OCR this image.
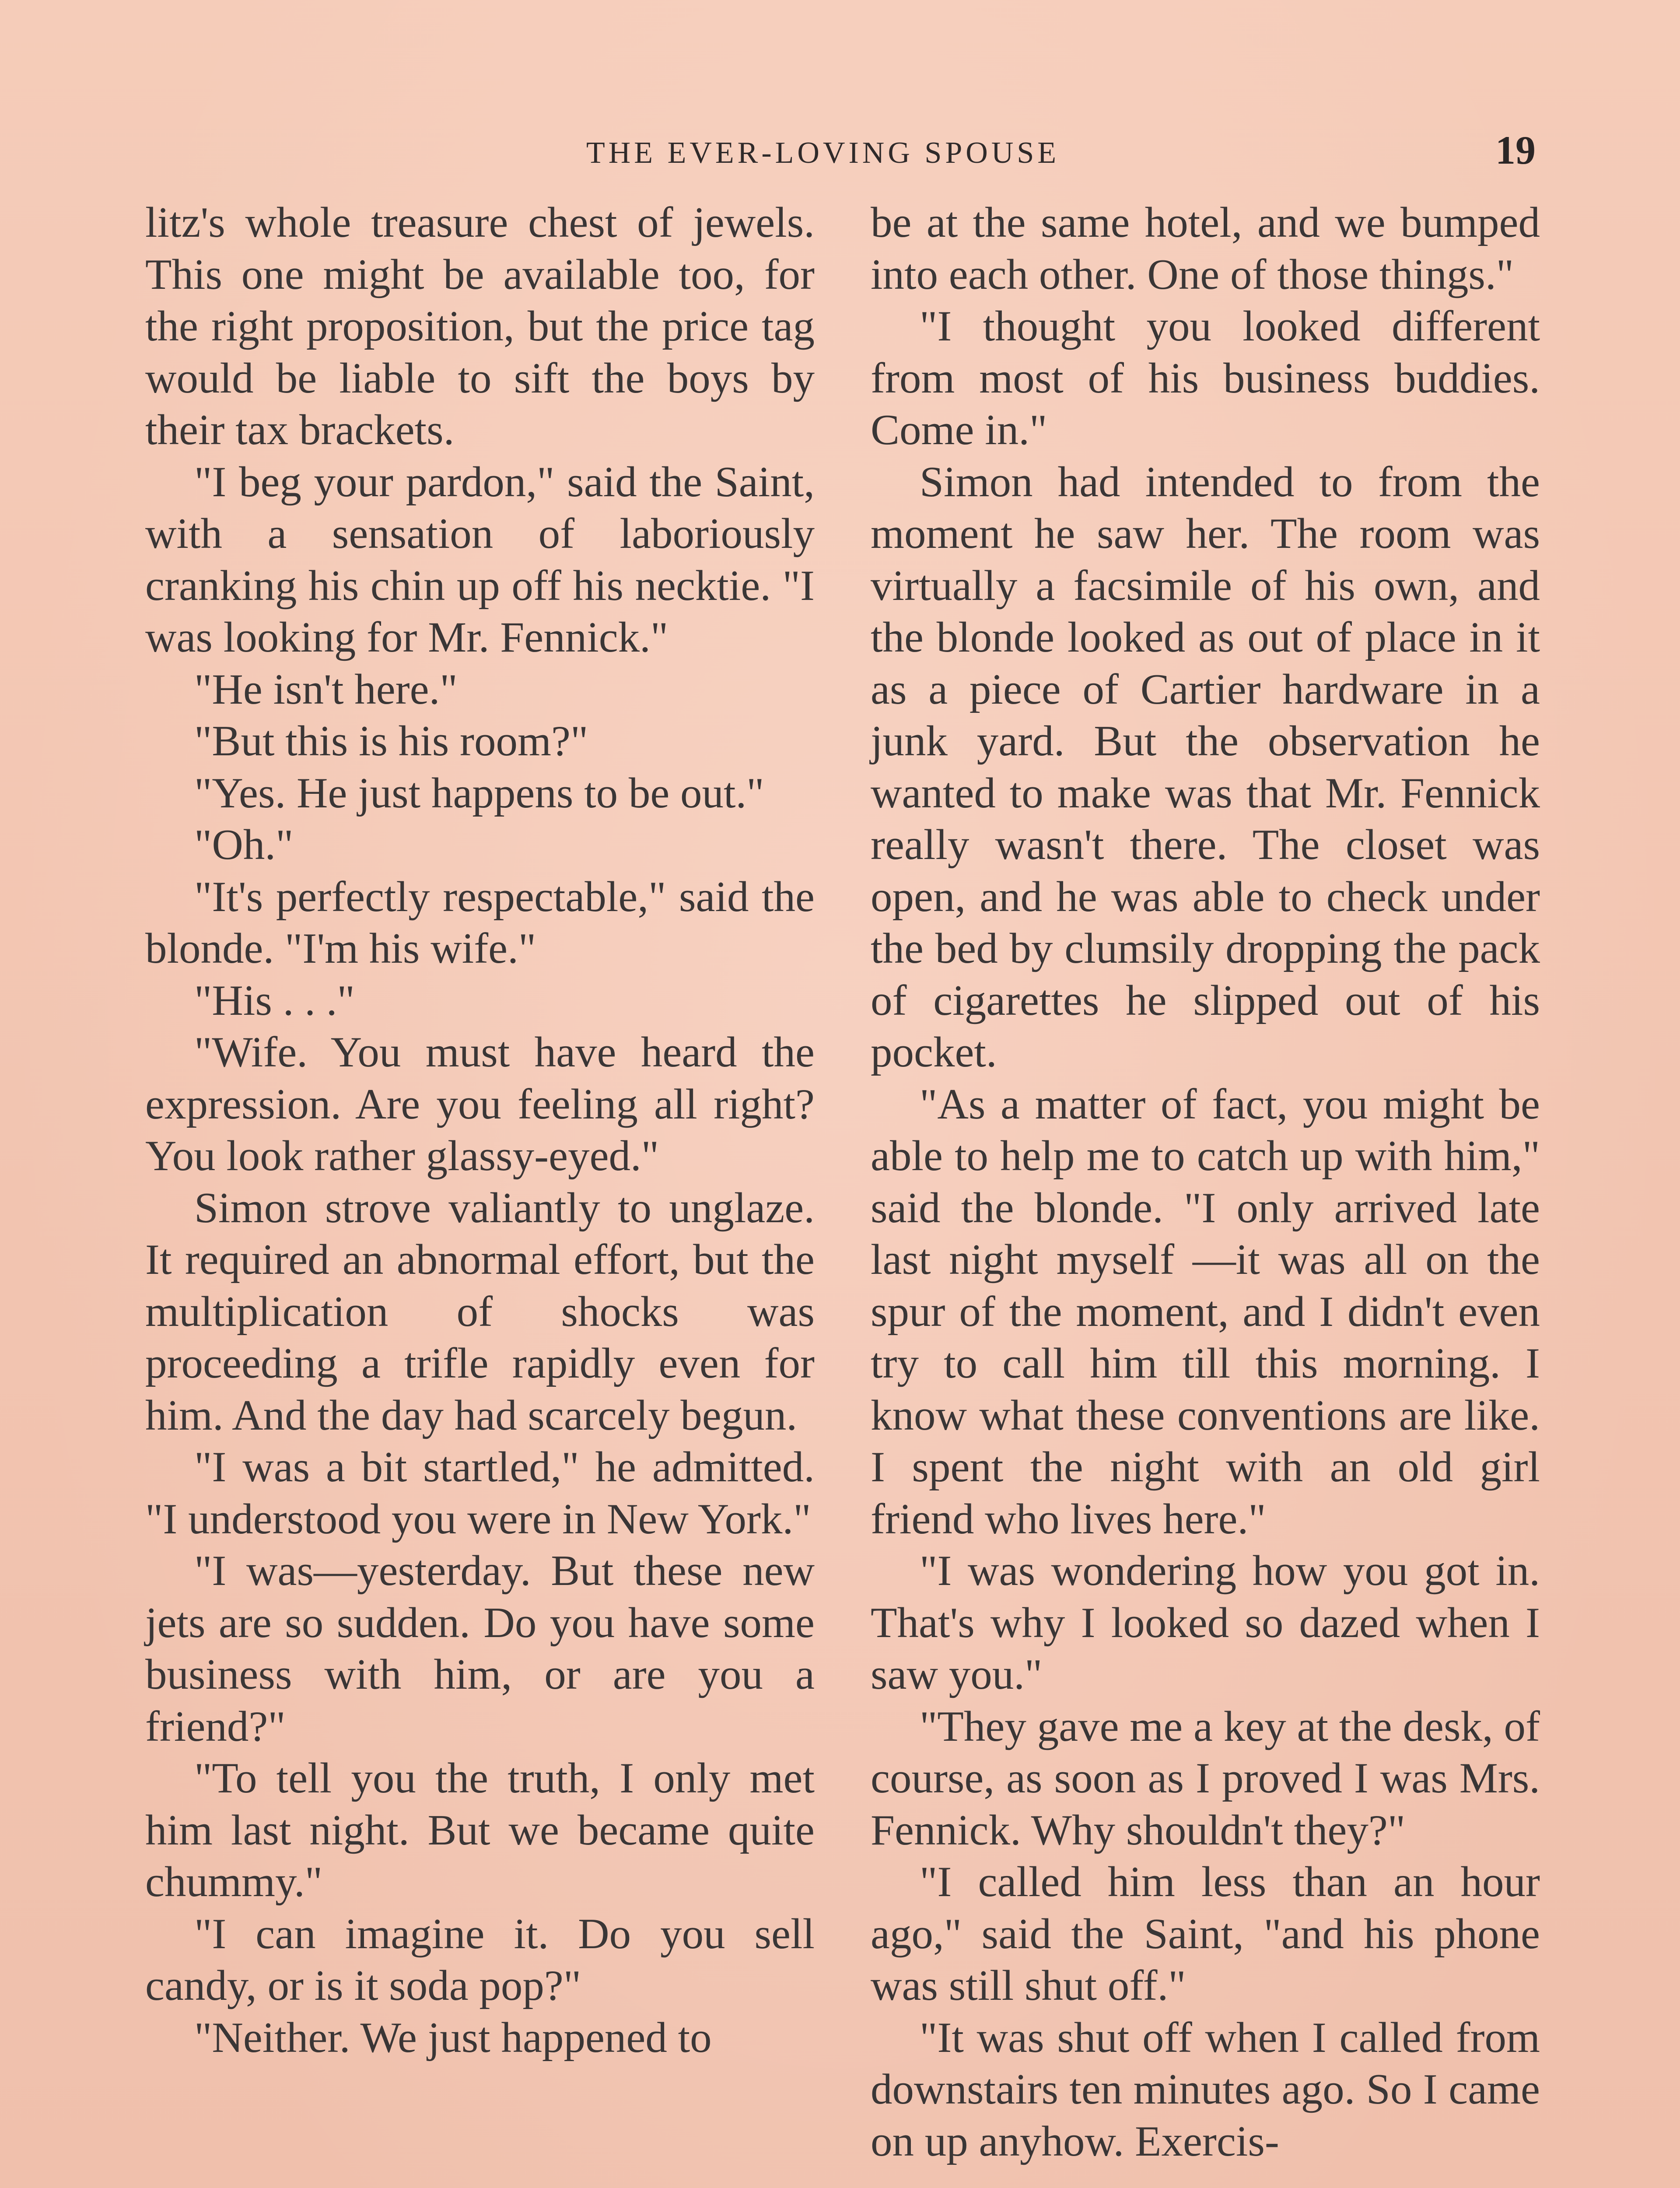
THE EVER-LOVING SPOUSE	19

litz's whole treasure chest of jewels. This one might be available too, for the right proposition, but the price tag would be liable to sift the boys by their tax brackets.

"I beg your pardon," said the Saint, with a sensation of laboriously cranking his chin up off his necktie. "I was looking for Mr. Fennick."

"He isn't here."

"But this is his room?"

"Yes. He just happens to be out."

"Oh."

"It's perfectly respectable," said the blonde. "I'm his wife."

"His . . ."

"Wife. You must have heard the expression. Are you feeling all right? You look rather glassy-eyed."

Simon strove valiantly to unglaze. It required an abnormal effort, but the multiplication of shocks was proceeding a trifle rapidly even for him. And the day had scarcely begun.

"I was a bit startled," he admitted. "I understood you were in New York."

"I was—yesterday. But these new jets are so sudden. Do you have some business with him, or are you a friend?"

"To tell you the truth, I only met him last night. But we became quite chummy."

"I can imagine it. Do you sell candy, or is it soda pop?"

"Neither. We just happened to

be at the same hotel, and we bumped into each other. One of those things."

"I thought you looked different from most of his business buddies. Come in."

Simon had intended to from the moment he saw her. The room was virtually a facsimile of his own, and the blonde looked as out of place in it as a piece of Cartier hardware in a junk yard. But the observation he wanted to make was that Mr. Fennick really wasn't there. The closet was open, and he was able to check under the bed by clumsily dropping the pack of cigarettes he slipped out of his pocket.

"As a matter of fact, you might be able to help me to catch up with him," said the blonde. "I only arrived late last night myself —it was all on the spur of the moment, and I didn't even try to call him till this morning. I know what these conventions are like. I spent the night with an old girl friend who lives here."

"I was wondering how you got in. That's why I looked so dazed when I saw you."

"They gave me a key at the desk, of course, as soon as I proved I was Mrs. Fennick. Why shouldn't they?"

"I called him less than an hour ago," said the Saint, "and his phone was still shut off."

"It was shut off when I called from downstairs ten minutes ago. So I came on up anyhow. Exercis-
